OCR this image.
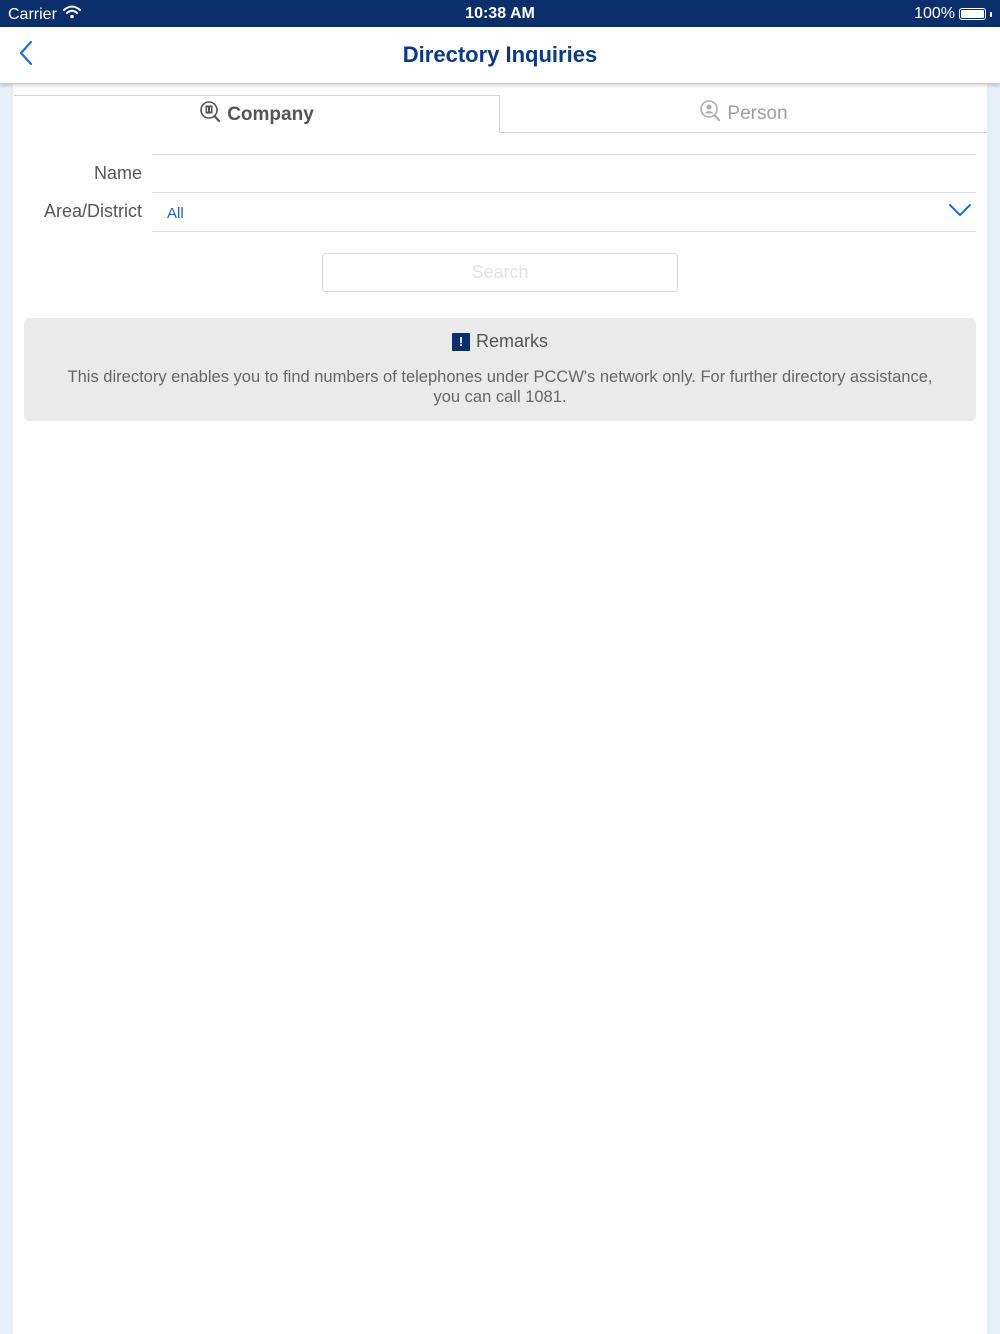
Carrier	10:38 AM	100%
Directory Inquiries
Company	Person
Name
Area/District All
Search
! Remarks
This directory enables you to find numbers of telephones under PCCW's network only. For further directory assistance, you can call 1081.
